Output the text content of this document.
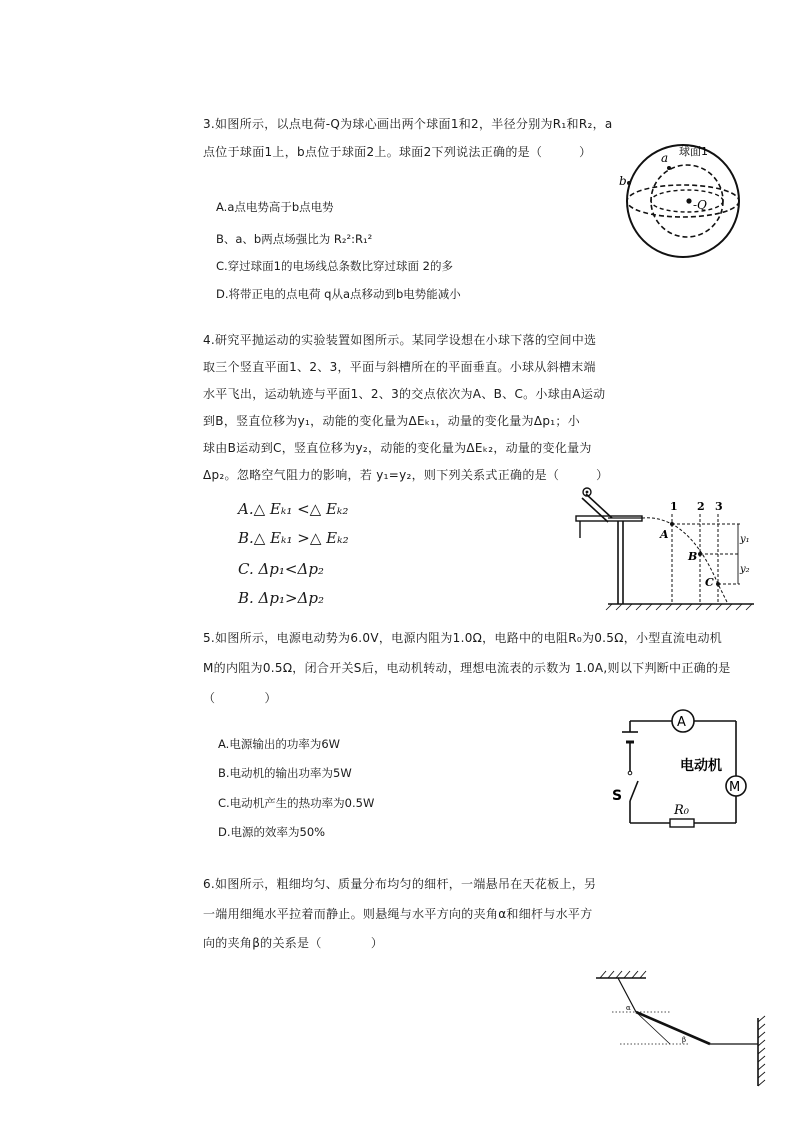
3.如图所示，以点电荷-Q为球心画出两个球面1和2，半径分别为R₁和R₂，a
点位于球面1上，b点位于球面2上。球面2下列说法正确的是（　　　）
A.a点电势高于b点电势
B、a、b两点场强比为 R₂²:R₁²
C.穿过球面1的电场线总条数比穿过球面 2的多
D.将带正电的点电荷 q从a点移动到b电势能减小
球面1
a
b
-Q
4.研究平抛运动的实验装置如图所示。某同学设想在小球下落的空间中选
取三个竖直平面1、2、3，平面与斜槽所在的平面垂直。小球从斜槽末端
水平飞出，运动轨迹与平面1、2、3的交点依次为A、B、C。小球由A运动
到B，竖直位移为y₁，动能的变化量为ΔEₖ₁，动量的变化量为Δp₁；小
球由B运动到C，竖直位移为y₂，动能的变化量为ΔEₖ₂，动量的变化量为
Δp₂。忽略空气阻力的影响，若 y₁=y₂，则下列关系式正确的是（　　　）
A.△ Eₖ₁ <△ Eₖ₂
B.△ Eₖ₁ >△ Eₖ₂
C. Δp₁<Δp₂
B. Δp₁>Δp₂
1 2 3
A
B
C
y₁
y₂
5.如图所示，电源电动势为6.0V，电源内阻为1.0Ω，电路中的电阻R₀为0.5Ω，小型直流电动机
M的内阻为0.5Ω，闭合开关S后，电动机转动，理想电流表的示数为 1.0A,则以下判断中正确的是
（　　　　）
A.电源输出的功率为6W
B.电动机的输出功率为5W
C.电动机产生的热功率为0.5W
D.电源的效率为50%
A
电动机
M
S
R₀
6.如图所示，粗细均匀、质量分布均匀的细杆，一端悬吊在天花板上，另
一端用细绳水平拉着而静止。则悬绳与水平方向的夹角α和细杆与水平方
向的夹角β的关系是（　　　　）
α
β
